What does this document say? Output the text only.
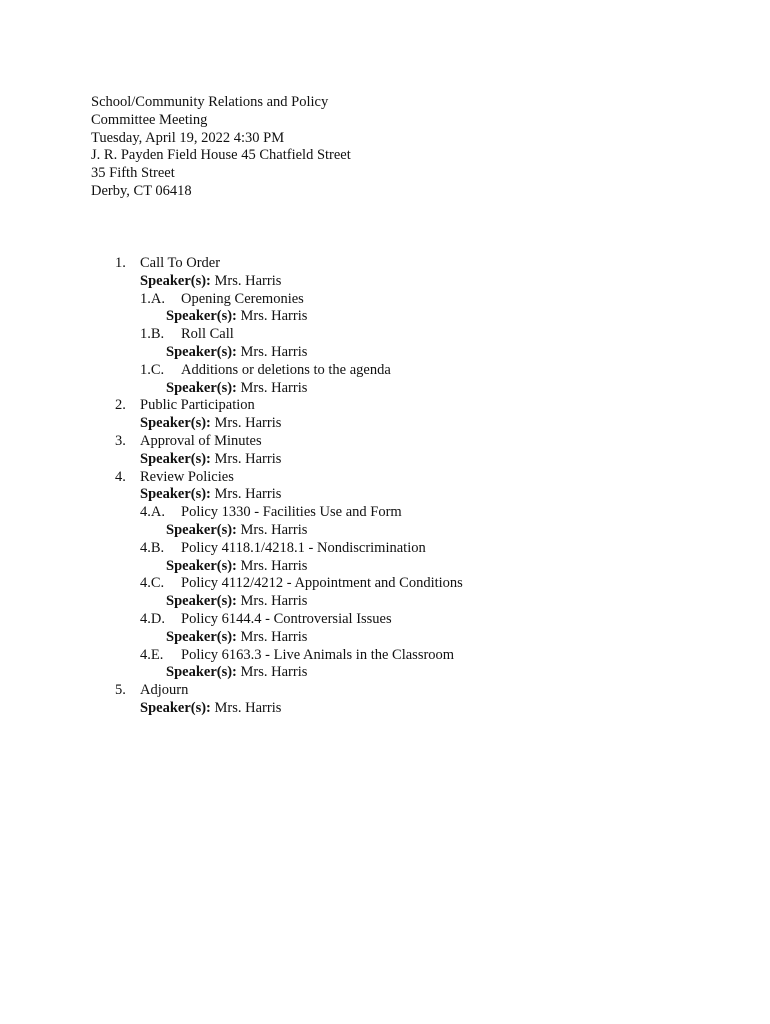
School/Community Relations and Policy
Committee Meeting
Tuesday, April 19, 2022 4:30 PM
J. R. Payden Field House 45 Chatfield Street
35 Fifth Street
Derby, CT 06418
1. Call To Order
Speaker(s): Mrs. Harris
1.A. Opening Ceremonies
Speaker(s): Mrs. Harris
1.B. Roll Call
Speaker(s): Mrs. Harris
1.C. Additions or deletions to the agenda
Speaker(s): Mrs. Harris
2. Public Participation
Speaker(s): Mrs. Harris
3. Approval of Minutes
Speaker(s): Mrs. Harris
4. Review Policies
Speaker(s): Mrs. Harris
4.A. Policy 1330 - Facilities Use and Form
Speaker(s): Mrs. Harris
4.B. Policy 4118.1/4218.1 - Nondiscrimination
Speaker(s): Mrs. Harris
4.C. Policy 4112/4212 - Appointment and Conditions
Speaker(s): Mrs. Harris
4.D. Policy 6144.4 - Controversial Issues
Speaker(s): Mrs. Harris
4.E. Policy 6163.3 - Live Animals in the Classroom
Speaker(s): Mrs. Harris
5. Adjourn
Speaker(s): Mrs. Harris
